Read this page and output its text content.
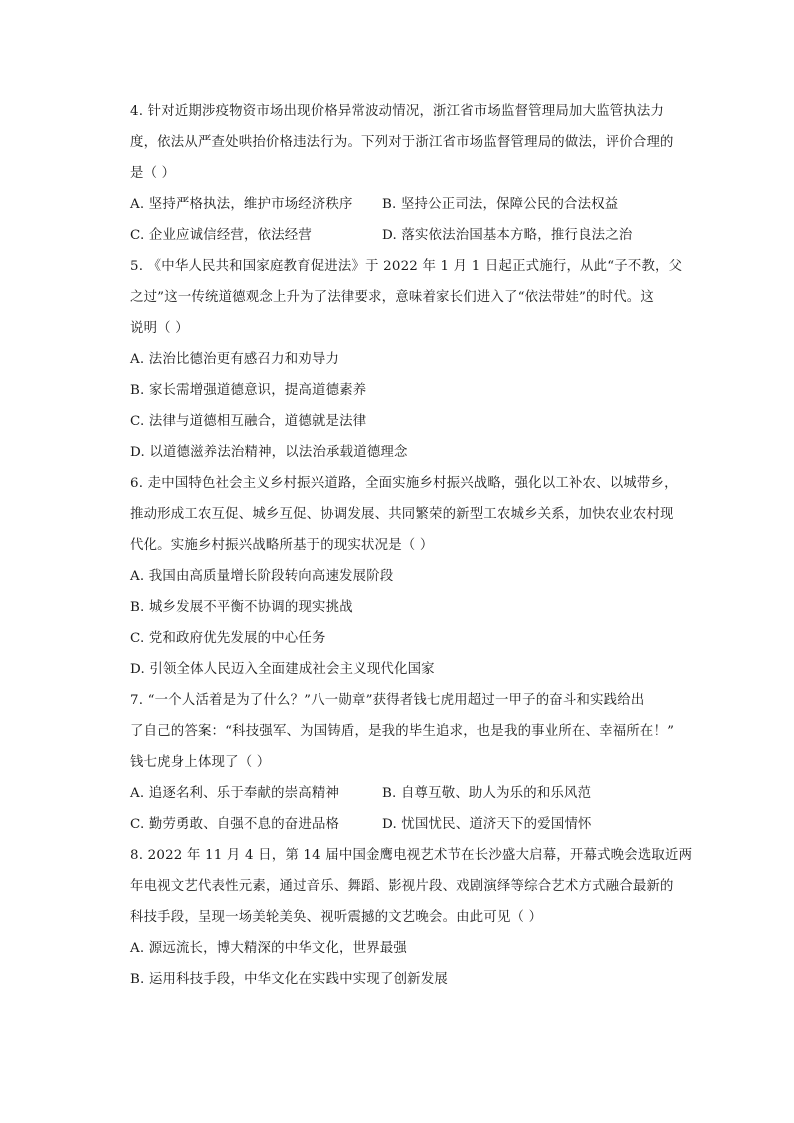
4. 针对近期涉疫物资市场出现价格异常波动情况，浙江省市场监督管理局加大监管执法力
度，依法从严查处哄抬价格违法行为。下列对于浙江省市场监督管理局的做法，评价合理的
是（ ）
A. 坚持严格执法，维护市场经济秩序	B. 坚持公正司法，保障公民的合法权益
C. 企业应诚信经营，依法经营	D. 落实依法治国基本方略，推行良法之治
5. 《中华人民共和国家庭教育促进法》于 2022 年 1 月 1 日起正式施行，从此“子不教，父
之过”这一传统道德观念上升为了法律要求，意味着家长们进入了“依法带娃”的时代。这
说明（ ）
A. 法治比德治更有感召力和劝导力
B. 家长需增强道德意识，提高道德素养
C. 法律与道德相互融合，道德就是法律
D. 以道德滋养法治精神，以法治承载道德理念
6. 走中国特色社会主义乡村振兴道路，全面实施乡村振兴战略，强化以工补农、以城带乡，
推动形成工农互促、城乡互促、协调发展、共同繁荣的新型工农城乡关系，加快农业农村现
代化。实施乡村振兴战略所基于的现实状况是（ ）
A. 我国由高质量增长阶段转向高速发展阶段
B. 城乡发展不平衡不协调的现实挑战
C. 党和政府优先发展的中心任务
D. 引领全体人民迈入全面建成社会主义现代化国家
7. “一个人活着是为了什么？”八一勋章”获得者钱七虎用超过一甲子的奋斗和实践给出
了自己的答案：“科技强军、为国铸盾，是我的毕生追求，也是我的事业所在、幸福所在！”
钱七虎身上体现了（ ）
A. 追逐名利、乐于奉献的崇高精神	B. 自尊互敬、助人为乐的和乐风范
C. 勤劳勇敢、自强不息的奋进品格	D. 忧国忧民、道济天下的爱国情怀
8. 2022 年 11 月 4 日，第 14 届中国金鹰电视艺术节在长沙盛大启幕，开幕式晚会选取近两
年电视文艺代表性元素，通过音乐、舞蹈、影视片段、戏剧演绎等综合艺术方式融合最新的
科技手段，呈现一场美轮美奂、视听震撼的文艺晚会。由此可见（ ）
A. 源远流长，博大精深的中华文化，世界最强
B. 运用科技手段，中华文化在实践中实现了创新发展
